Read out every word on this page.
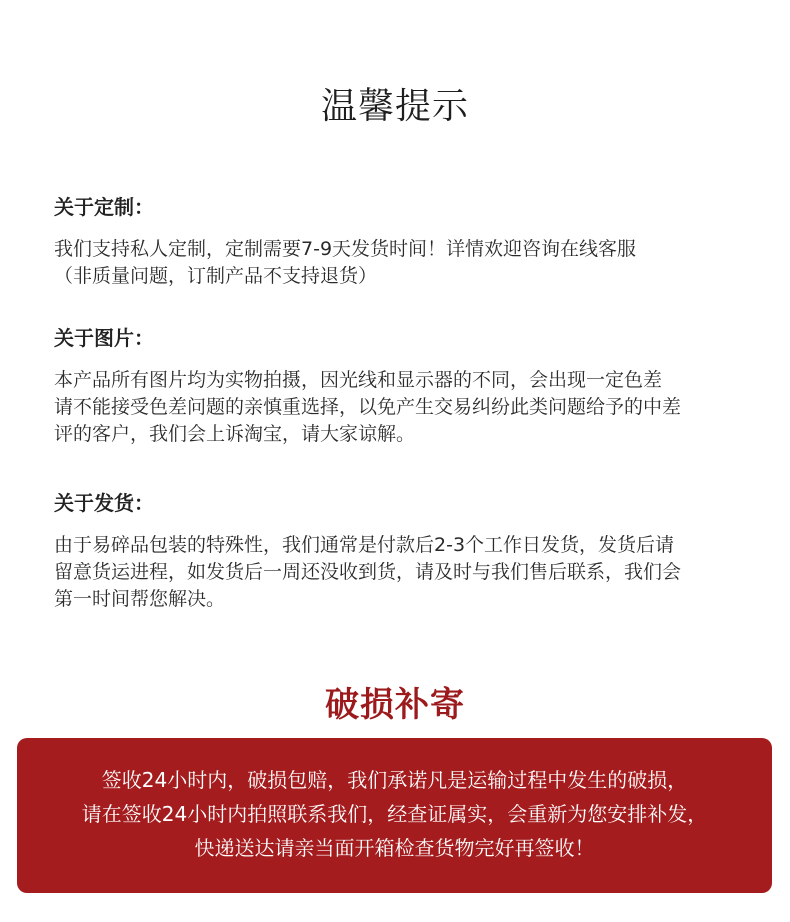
温馨提示

关于定制：

我们支持私人定制，定制需要7-9天发货时间！详情欢迎咨询在线客服
（非质量问题，订制产品不支持退货）

关于图片：

本产品所有图片均为实物拍摄，因光线和显示器的不同，会出现一定色差
请不能接受色差问题的亲慎重选择，以免产生交易纠纷此类问题给予的中差
评的客户，我们会上诉淘宝，请大家谅解。

关于发货：

由于易碎品包装的特殊性，我们通常是付款后2-3个工作日发货，发货后请
留意货运进程，如发货后一周还没收到货，请及时与我们售后联系，我们会
第一时间帮您解决。

破损补寄
签收24小时内，破损包赔，我们承诺凡是运输过程中发生的破损，
请在签收24小时内拍照联系我们，经查证属实，会重新为您安排补发，
快递送达请亲当面开箱检查货物完好再签收！
